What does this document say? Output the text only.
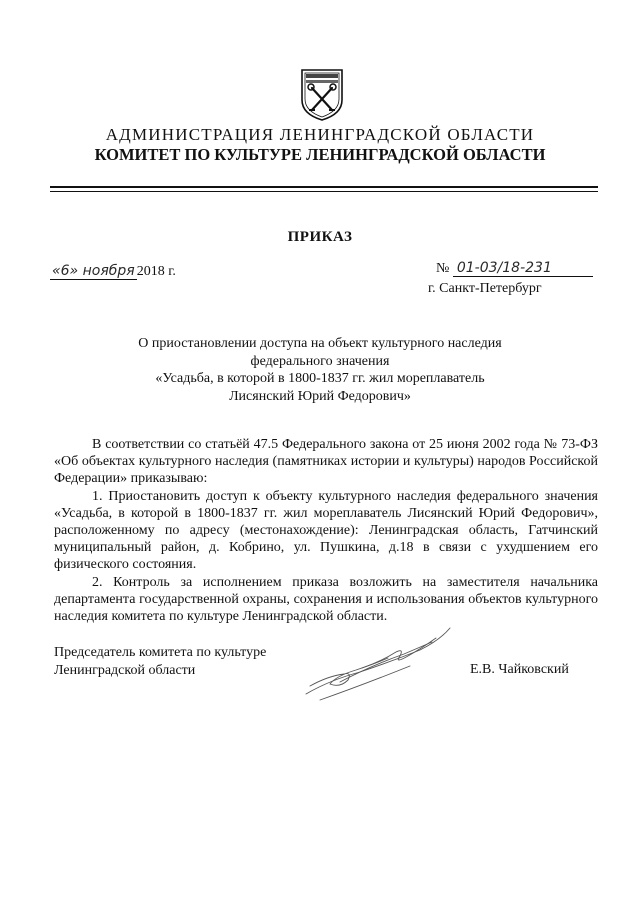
АДМИНИСТРАЦИЯ ЛЕНИНГРАДСКОЙ ОБЛАСТИ
КОМИТЕТ ПО КУЛЬТУРЕ ЛЕНИНГРАДСКОЙ ОБЛАСТИ
ПРИКАЗ
«6» ноября 2018 г.	№ 01-03/18-231
г. Санкт-Петербург
О приостановлении доступа на объект культурного наследия
федерального значения
«Усадьба, в которой в 1800-1837 гг. жил мореплаватель
Лисянский Юрий Федорович»

В соответствии со статьёй 47.5 Федерального закона от 25 июня 2002 года № 73-ФЗ «Об объектах культурного наследия (памятниках истории и культуры) народов Российской Федерации» приказываю:

1. Приостановить доступ к объекту культурного наследия федерального значения «Усадьба, в которой в 1800-1837 гг. жил мореплаватель Лисянский Юрий Федорович», расположенному по адресу (местонахождение): Ленинградская область, Гатчинский муниципальный район, д. Кобрино, ул. Пушкина, д.18 в связи с ухудшением его физического состояния.

2. Контроль за исполнением приказа возложить на заместителя начальника департамента государственной охраны, сохранения и использования объектов культурного наследия комитета по культуре Ленинградской области.

Председатель комитета по культуре
Ленинградской области	Е.В. Чайковский
